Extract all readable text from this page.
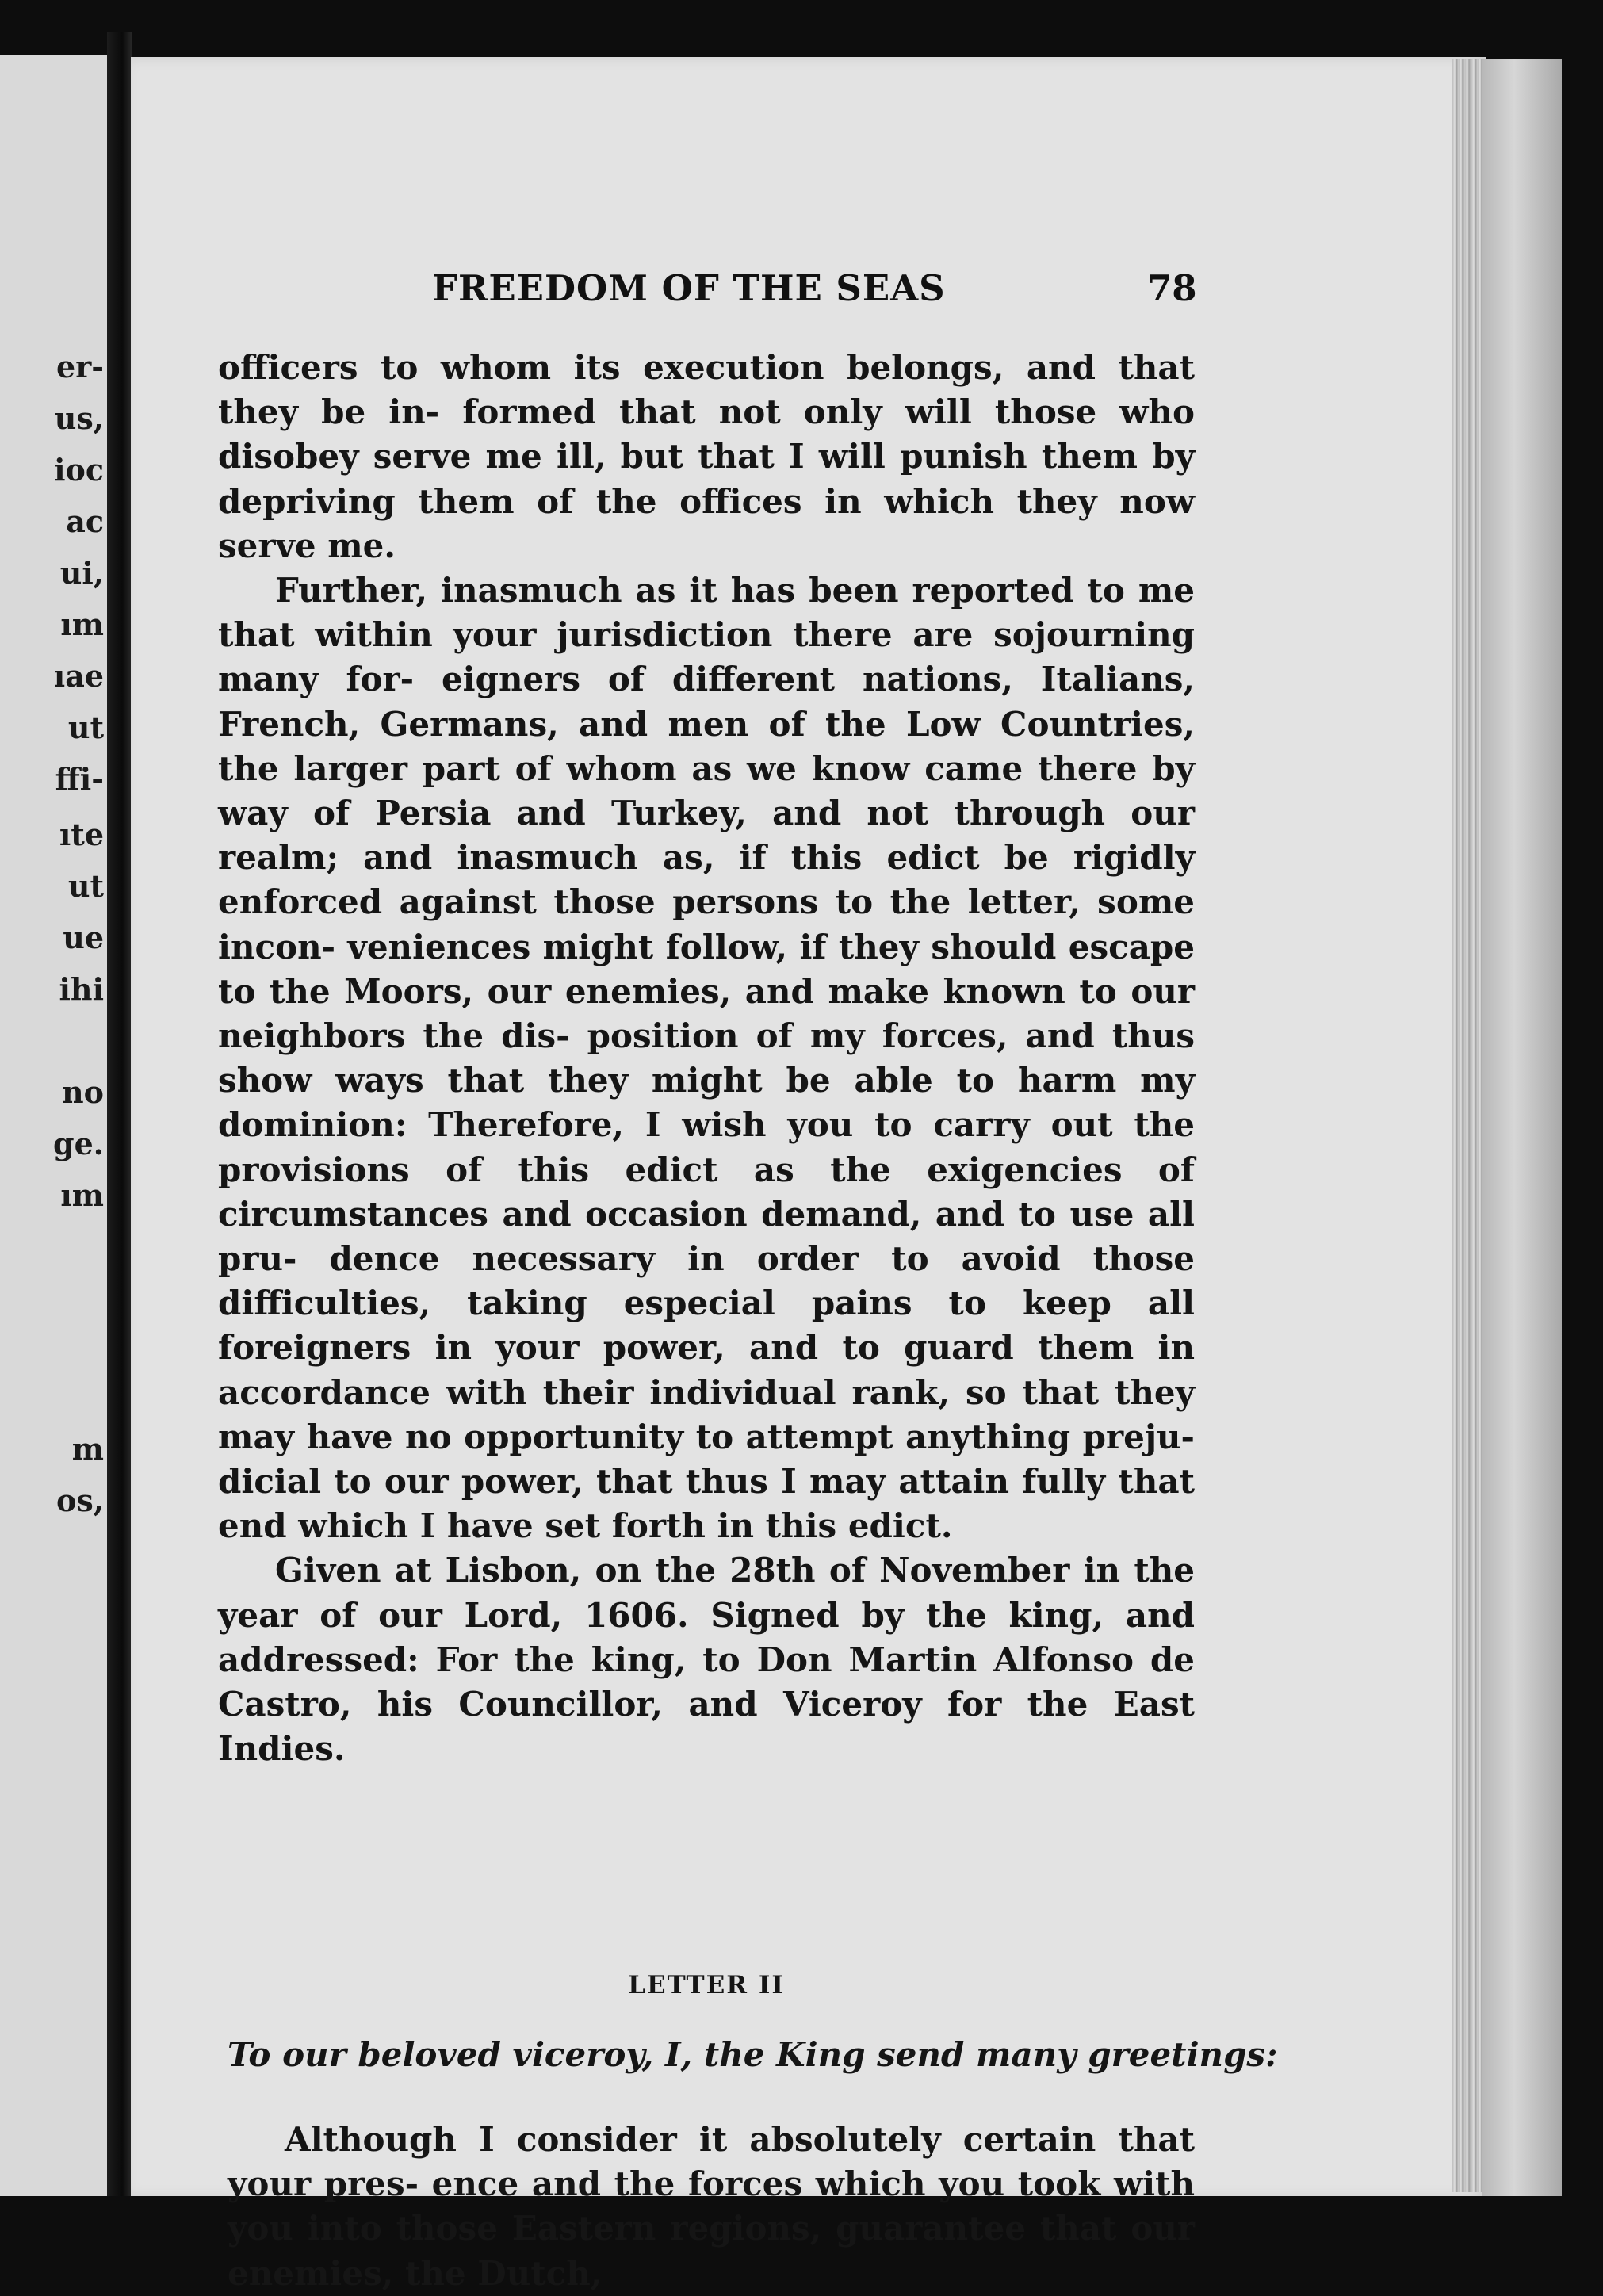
er-
us,
ioc
ac
ui,
ım
ıae
ut
ffi-
ıte
ut
ue
ihi
no
ge.
ım
m
os,
FREEDOM OF THE SEAS	78

officers to whom its execution belongs, and that they be in- formed that not only will those who disobey serve me ill, but that I will punish them by depriving them of the offices in which they now serve me.

Further, inasmuch as it has been reported to me that within your jurisdiction there are sojourning many for- eigners of different nations, Italians, French, Germans, and men of the Low Countries, the larger part of whom as we know came there by way of Persia and Turkey, and not through our realm; and inasmuch as, if this edict be rigidly enforced against those persons to the letter, some incon- veniences might follow, if they should escape to the Moors, our enemies, and make known to our neighbors the dis- position of my forces, and thus show ways that they might be able to harm my dominion: Therefore, I wish you to carry out the provisions of this edict as the exigencies of circumstances and occasion demand, and to use all pru- dence necessary in order to avoid those difficulties, taking especial pains to keep all foreigners in your power, and to guard them in accordance with their individual rank, so that they may have no opportunity to attempt anything preju- dicial to our power, that thus I may attain fully that end which I have set forth in this edict.

Given at Lisbon, on the 28th of November in the year of our Lord, 1606. Signed by the king, and addressed: For the king, to Don Martin Alfonso de Castro, his Councillor, and Viceroy for the East Indies.

LETTER II
To our beloved viceroy, I, the King send many greetings:
Although I consider it absolutely certain that your pres- ence and the forces which you took with you into those Eastern regions, guarantee that our enemies, the Dutch,
